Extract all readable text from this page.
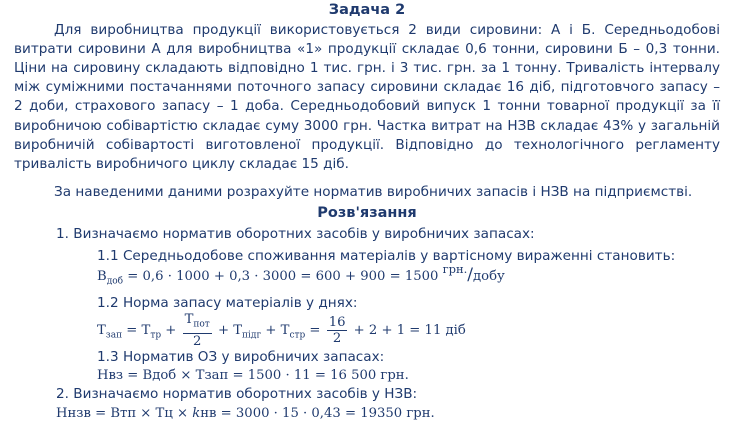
Задача 2
Для виробництва продукції використовується 2 види сировини: А і Б. Середньодобові
витрати сировини А для виробництва «1» продукції складає 0,6 тонни, сировини Б – 0,3 тонни.
Ціни на сировину складають відповідно 1 тис. грн. і 3 тис. грн. за 1 тонну. Тривалість інтервалу
між суміжними постачаннями поточного запасу сировини складає 16 діб, підготовчого запасу –
2 доби, страхового запасу – 1 доба. Середньодобовий випуск 1 тонни товарної продукції за її
виробничою собівартістю складає суму 3000 грн. Частка витрат на НЗВ складає 43% у загальній
виробничій собівартості виготовленої продукції. Відповідно до технологічного регламенту
тривалість виробничого циклу складає 15 діб.
За наведеними даними розрахуйте норматив виробничих запасів і НЗВ на підприємстві.
Розв'язання
1. Визначаємо норматив оборотних засобів у виробничих запасах:
1.1 Середньодобове споживання матеріалів у вартісному вираженні становить:
$В_{доб} = 0,6 \cdot 1000 + 0,3 \cdot 3000 = 600 + 900 = 1500$ грн./добу
1.2 Норма запасу матеріалів у днях:
$Т_{зап} = Т_{тр} + \frac{Т_{пот}}{2} + Т_{підг} + Т_{стр} = \frac{16}{2} + 2 + 1 = 11$ діб
1.3 Норматив ОЗ у виробничих запасах:
Нвз = Вдоб × Тзап = 1500 · 11 = 16 500 грн.
2. Визначаємо норматив оборотних засобів у НЗВ:
Ннзв = Втп × Тц × kнв = 3000 · 15 · 0,43 = 19350 грн.
